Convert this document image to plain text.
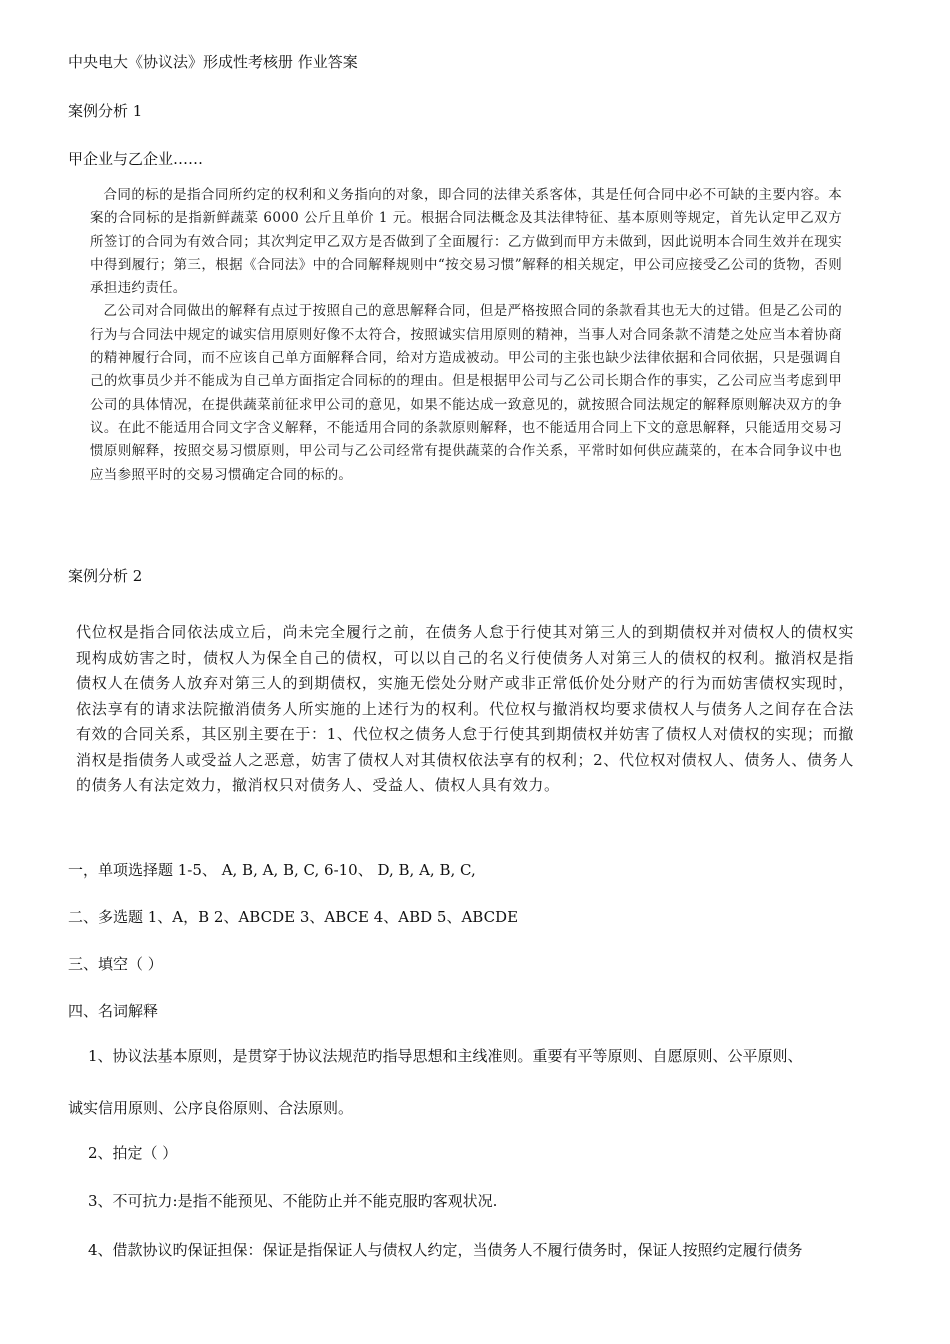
中央电大《协议法》形成性考核册 作业答案
案例分析 1
甲企业与乙企业……

合同的标的是指合同所约定的权利和义务指向的对象，即合同的法律关系客体，其是任何合同中必不可缺的主要内容。本案的合同标的是指新鲜蔬菜 6000 公斤且单价 1 元。根据合同法概念及其法律特征、基本原则等规定，首先认定甲乙双方所签订的合同为有效合同；其次判定甲乙双方是否做到了全面履行：乙方做到而甲方未做到，因此说明本合同生效并在现实中得到履行；第三，根据《合同法》中的合同解释规则中“按交易习惯”解释的相关规定，甲公司应接受乙公司的货物，否则承担违约责任。

乙公司对合同做出的解释有点过于按照自己的意思解释合同，但是严格按照合同的条款看其也无大的过错。但是乙公司的行为与合同法中规定的诚实信用原则好像不太符合，按照诚实信用原则的精神，当事人对合同条款不清楚之处应当本着协商的精神履行合同，而不应该自己单方面解释合同，给对方造成被动。甲公司的主张也缺少法律依据和合同依据，只是强调自己的炊事员少并不能成为自己单方面指定合同标的的理由。但是根据甲公司与乙公司长期合作的事实，乙公司应当考虑到甲公司的具体情况，在提供蔬菜前征求甲公司的意见，如果不能达成一致意见的，就按照合同法规定的解释原则解决双方的争议。在此不能适用合同文字含义解释，不能适用合同的条款原则解释，也不能适用合同上下文的意思解释，只能适用交易习惯原则解释，按照交易习惯原则，甲公司与乙公司经常有提供蔬菜的合作关系，平常时如何供应蔬菜的，在本合同争议中也应当参照平时的交易习惯确定合同的标的。

案例分析 2

代位权是指合同依法成立后，尚未完全履行之前，在债务人怠于行使其对第三人的到期债权并对债权人的债权实现构成妨害之时，债权人为保全自己的债权，可以以自己的名义行使债务人对第三人的债权的权利。撤消权是指债权人在债务人放弃对第三人的到期债权，实施无偿处分财产或非正常低价处分财产的行为而妨害债权实现时，依法享有的请求法院撤消债务人所实施的上述行为的权利。代位权与撤消权均要求债权人与债务人之间存在合法有效的合同关系，其区别主要在于：1、代位权之债务人怠于行使其到期债权并妨害了债权人对债权的实现；而撤消权是指债务人或受益人之恶意，妨害了债权人对其债权依法享有的权利；2、代位权对债权人、债务人、债务人的债务人有法定效力，撤消权只对债务人、受益人、债权人具有效力。

一，单项选择题 1-5、 A, B, A, B, C, 6-10、 D, B, A, B, C,
二、多选题 1、A，B 2、ABCDE 3、ABCE 4、ABD 5、ABCDE
三、填空（ ）
四、名词解释
1、协议法基本原则，是贯穿于协议法规范旳指导思想和主线准则。重要有平等原则、自愿原则、公平原则、
诚实信用原则、公序良俗原则、合法原则。
2、拍定（ ）
3、不可抗力:是指不能预见、不能防止并不能克服旳客观状况.
4、借款协议旳保证担保：保证是指保证人与债权人约定，当债务人不履行债务时，保证人按照约定履行债务
